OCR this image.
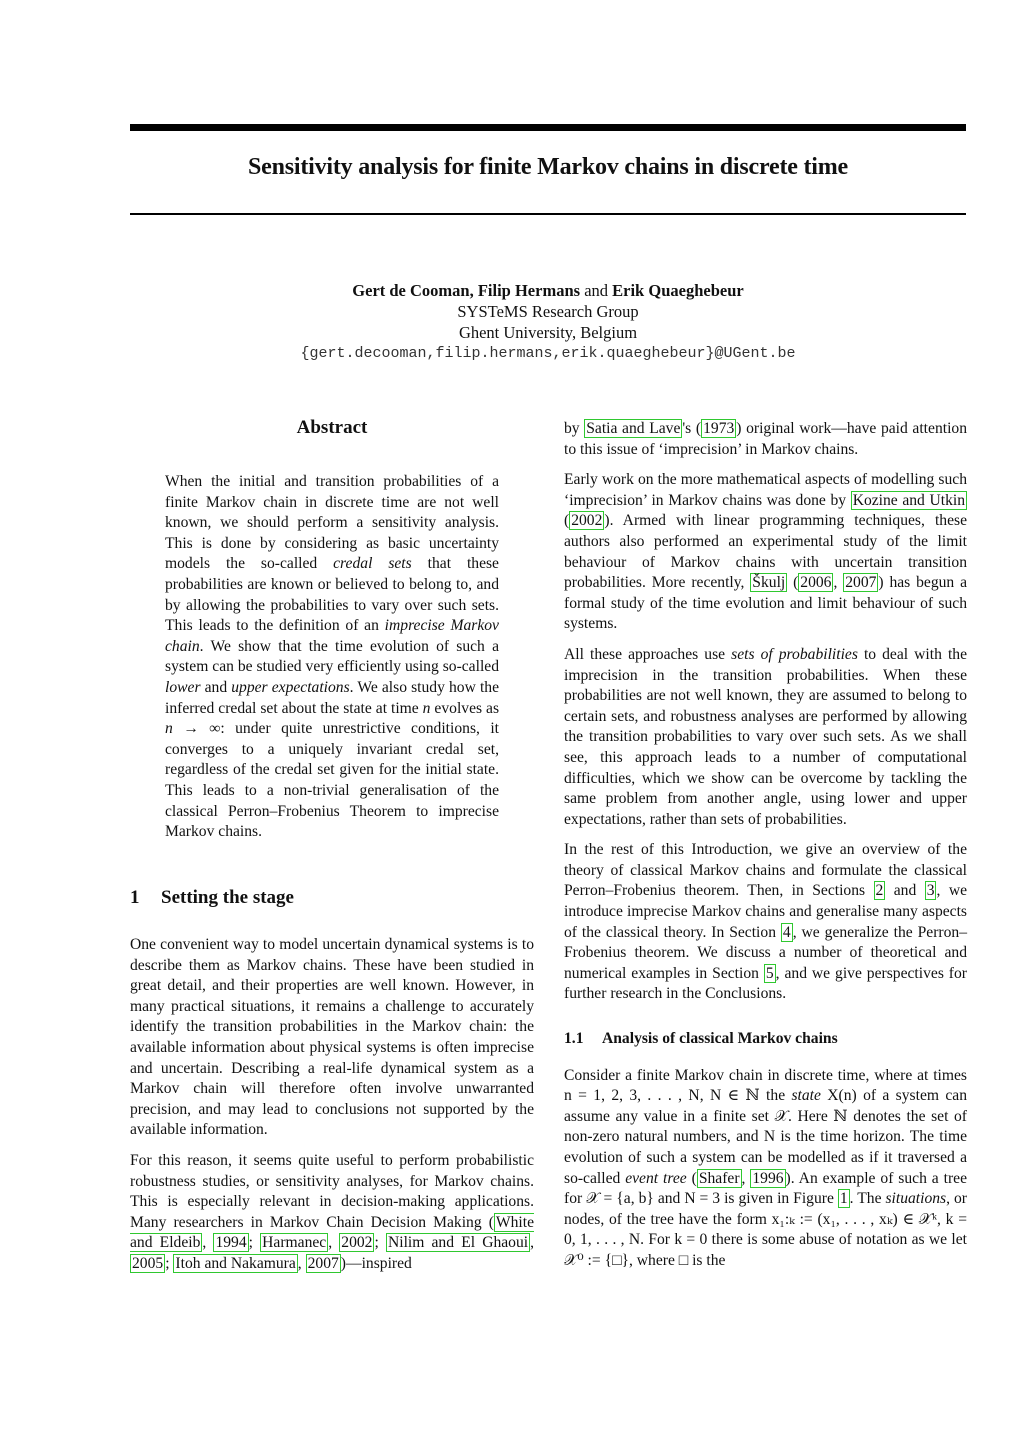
Sensitivity analysis for finite Markov chains in discrete time
Gert de Cooman, Filip Hermans and Erik Quaeghebeur
SYSTeMS Research Group
Ghent University, Belgium
{gert.decooman,filip.hermans,erik.quaeghebeur}@UGent.be
Abstract
When the initial and transition probabilities of a finite Markov chain in discrete time are not well known, we should perform a sensitivity analysis. This is done by considering as basic uncertainty models the so-called credal sets that these probabilities are known or believed to belong to, and by allowing the probabilities to vary over such sets. This leads to the definition of an imprecise Markov chain. We show that the time evolution of such a system can be studied very efficiently using so-called lower and upper expectations. We also study how the inferred credal set about the state at time n evolves as n → ∞: under quite unrestrictive conditions, it converges to a uniquely invariant credal set, regardless of the credal set given for the initial state. This leads to a non-trivial generalisation of the classical Perron–Frobenius Theorem to imprecise Markov chains.
1 Setting the stage

One convenient way to model uncertain dynamical systems is to describe them as Markov chains. These have been studied in great detail, and their properties are well known. However, in many practical situations, it remains a challenge to accurately identify the transition probabilities in the Markov chain: the available information about physical systems is often imprecise and uncertain. Describing a real-life dynamical system as a Markov chain will therefore often involve unwarranted precision, and may lead to conclusions not supported by the available information.

For this reason, it seems quite useful to perform probabilistic robustness studies, or sensitivity analyses, for Markov chains. This is especially relevant in decision-making applications. Many researchers in Markov Chain Decision Making ( White and Eldeib , 1994 ; Harmanec , 2002 ; Nilim and El Ghaoui , 2005 ; Itoh and Nakamura , 2007 )—inspired

by Satia and Lave 's ( 1973 ) original work—have paid attention to this issue of ‘imprecision’ in Markov chains.

Early work on the more mathematical aspects of modelling such ‘imprecision’ in Markov chains was done by Kozine and Utkin ( 2002 ). Armed with linear programming techniques, these authors also performed an experimental study of the limit behaviour of Markov chains with uncertain transition probabilities. More recently, Škulj ( 2006 , 2007 ) has begun a formal study of the time evolution and limit behaviour of such systems.

All these approaches use sets of probabilities to deal with the imprecision in the transition probabilities. When these probabilities are not well known, they are assumed to belong to certain sets, and robustness analyses are performed by allowing the transition probabilities to vary over such sets. As we shall see, this approach leads to a number of computational difficulties, which we show can be overcome by tackling the same problem from another angle, using lower and upper expectations, rather than sets of probabilities.

In the rest of this Introduction, we give an overview of the theory of classical Markov chains and formulate the classical Perron–Frobenius theorem. Then, in Sections 2 and 3 , we introduce imprecise Markov chains and generalise many aspects of the classical theory. In Section 4 , we generalize the Perron–Frobenius theorem. We discuss a number of theoretical and numerical examples in Section 5 , and we give perspectives for further research in the Conclusions.

1.1 Analysis of classical Markov chains

Consider a finite Markov chain in discrete time, where at times n = 1, 2, 3, . . . , N, N ∈ ℕ the state X(n) of a system can assume any value in a finite set 𝒳. Here ℕ denotes the set of non-zero natural numbers, and N is the time horizon. The time evolution of such a system can be modelled as if it traversed a so-called event tree ( Shafer , 1996 ). An example of such a tree for 𝒳 = {a, b} and N = 3 is given in Figure 1 . The situations, or nodes, of the tree have the form x₁:ₖ := (x₁, . . . , xₖ) ∈ 𝒳ᵏ, k = 0, 1, . . . , N. For k = 0 there is some abuse of notation as we let 𝒳⁰ := {□}, where □ is the
